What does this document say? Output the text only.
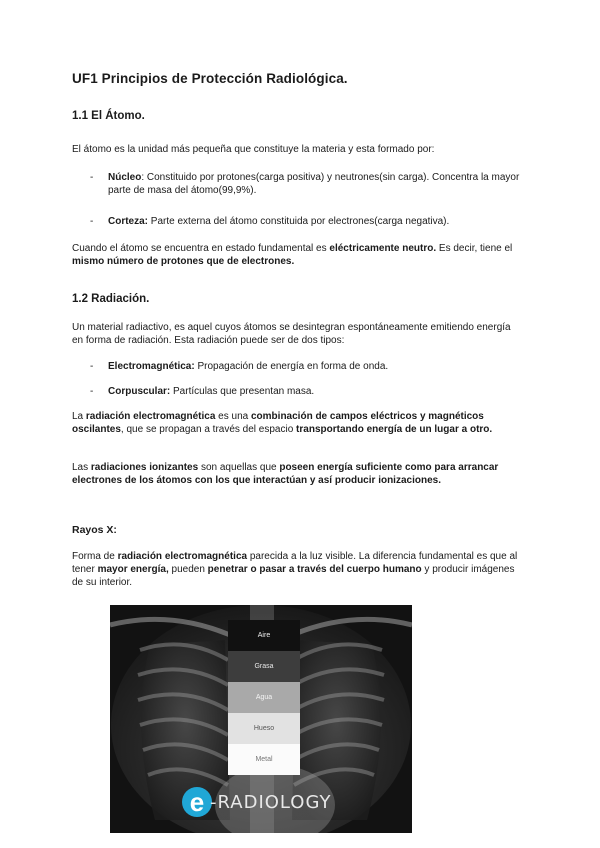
UF1 Principios de Protección Radiológica.
1.1 El Átomo.

El átomo es la unidad más pequeña que constituye la materia y esta formado por:

- Núcleo: Constituido por protones(carga positiva) y neutrones(sin carga). Concentra la mayor parte de masa del átomo(99,9%).
- Corteza: Parte externa del átomo constituida por electrones(carga negativa).

Cuando el átomo se encuentra en estado fundamental es eléctricamente neutro. Es decir, tiene el mismo número de protones que de electrones.

1.2 Radiación.

Un material radiactivo, es aquel cuyos átomos se desintegran espontáneamente emitiendo energía en forma de radiación. Esta radiación puede ser de dos tipos:

- Electromagnética: Propagación de energía en forma de onda.
- Corpuscular: Partículas que presentan masa.

La radiación electromagnética es una combinación de campos eléctricos y magnéticos oscilantes, que se propagan a través del espacio transportando energía de un lugar a otro.

Las radiaciones ionizantes son aquellas que poseen energía suficiente como para arrancar electrones de los átomos con los que interactúan y así producir ionizaciones.

Rayos X:

Forma de radiación electromagnética parecida a la luz visible. La diferencia fundamental es que al tener mayor energía, pueden penetrar o pasar a través del cuerpo humano y producir imágenes de su interior.

Aire
Grasa
Agua
Hueso
Metal
e -RADIOLOGY
